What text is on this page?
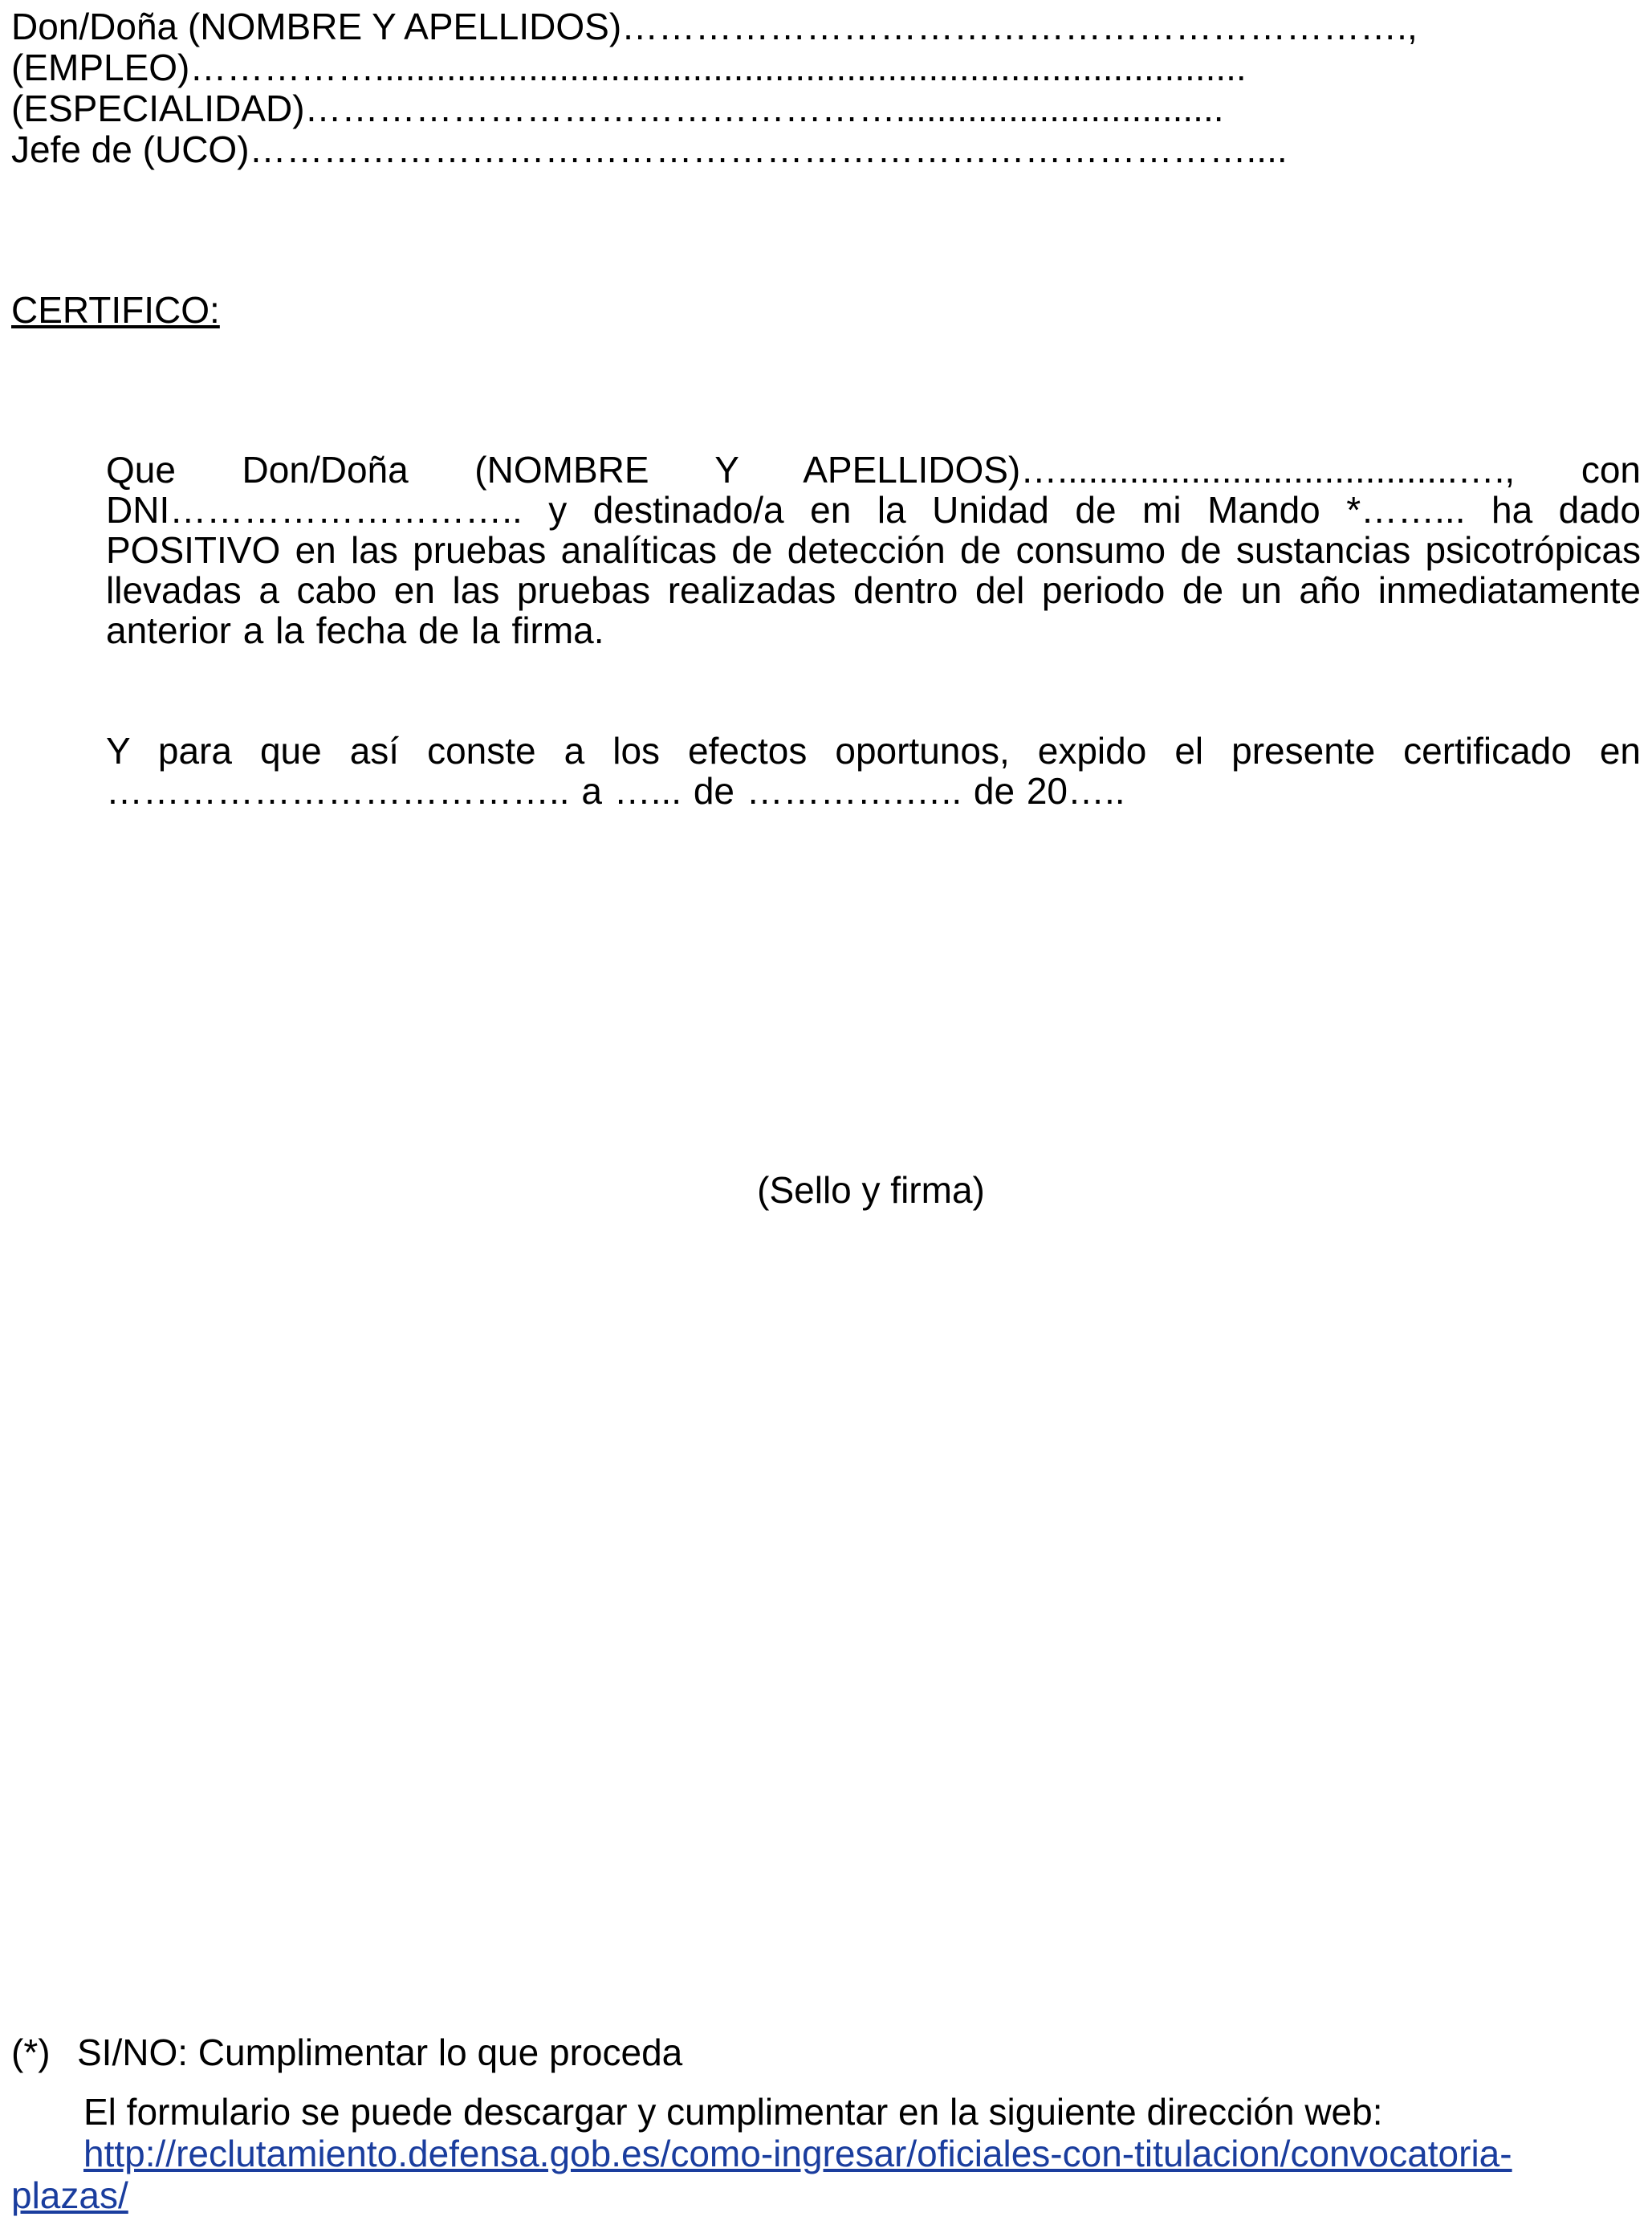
Don/Doña (NOMBRE Y APELLIDOS)……………………………………………………….,
(EMPLEO)…………….....................................................................................
(ESPECIALIDAD)…………………………………………................................
Jefe de (UCO)………………………………………………………………………....
CERTIFICO:
Que Don/Doña (NOMBRE Y APELLIDOS)….......................................…., con DNI……………………….. y destinado/a en la Unidad de mi Mando *……... ha dado POSITIVO en las pruebas analíticas de detección de consumo de sustancias psicotrópicas llevadas a cabo en las pruebas realizadas dentro del periodo de un año inmediatamente anterior a la fecha de la firma.
Y para que así conste a los efectos oportunos, expido el presente certificado en ……………………………….. a …... de ………….….. de 20…..
(Sello y firma)
(*) SI/NO: Cumplimentar lo que proceda
El formulario se puede descargar y cumplimentar en la siguiente dirección web:
http://reclutamiento.defensa.gob.es/como-ingresar/oficiales-con-titulacion/convocatoria-
plazas/
